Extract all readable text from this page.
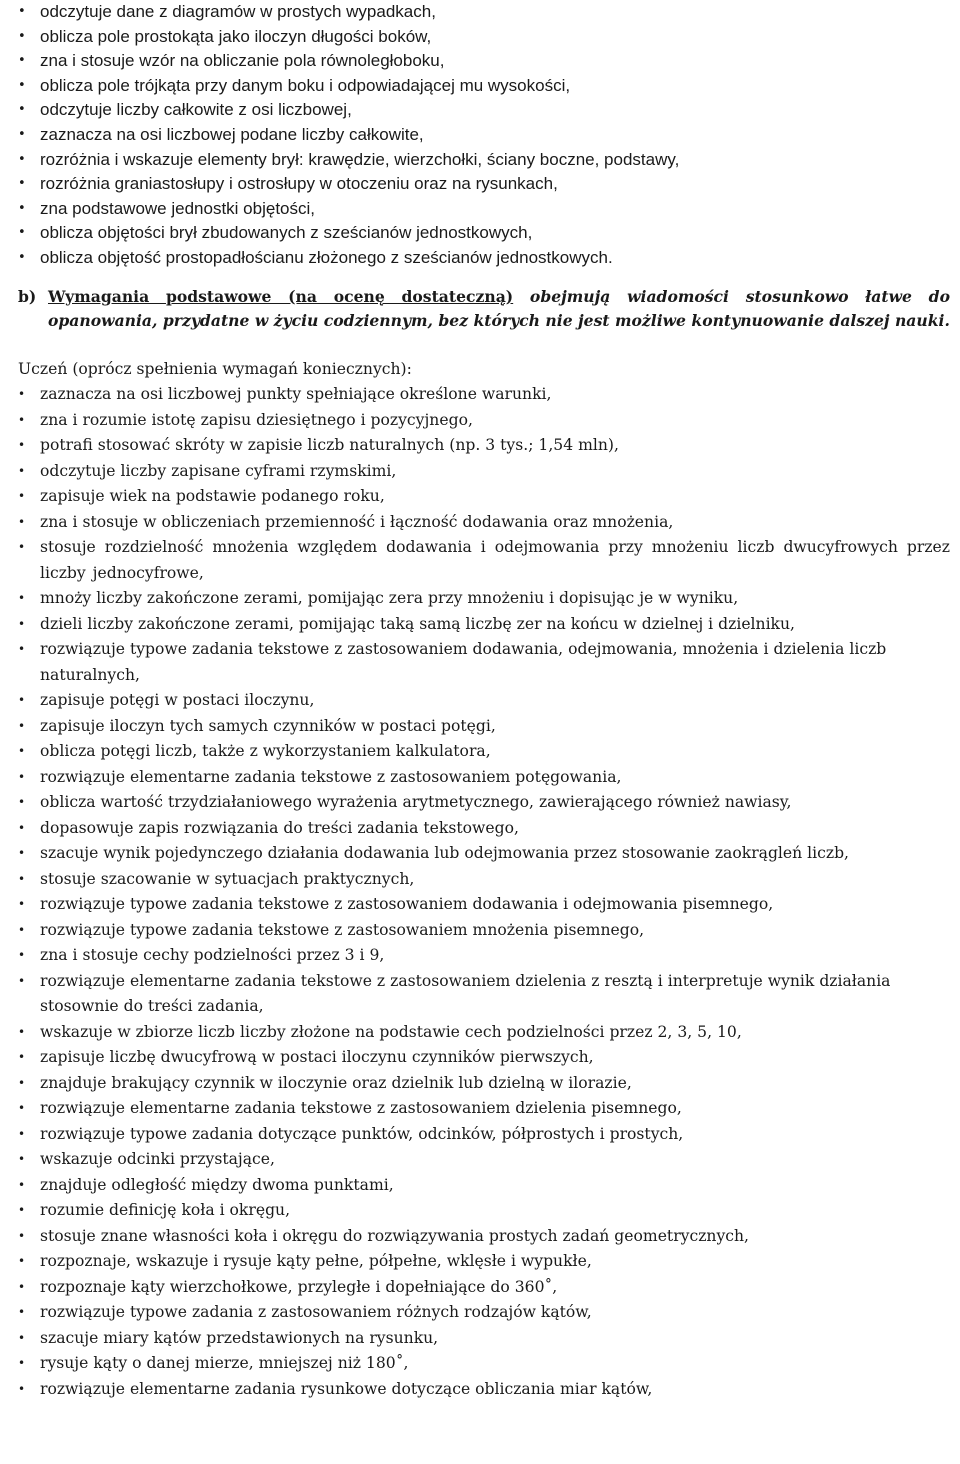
• odczytuje dane z diagramów w prostych wypadkach,
• oblicza pole prostokąta jako iloczyn długości boków,
• zna i stosuje wzór na obliczanie pola równoległoboku,
• oblicza pole trójkąta przy danym boku i odpowiadającej mu wysokości,
• odczytuje liczby całkowite z osi liczbowej,
• zaznacza na osi liczbowej podane liczby całkowite,
• rozróżnia i wskazuje elementy brył: krawędzie, wierzchołki, ściany boczne, podstawy,
• rozróżnia graniastosłupy i ostrosłupy w otoczeniu oraz na rysunkach,
• zna podstawowe jednostki objętości,
• oblicza objętości brył zbudowanych z sześcianów jednostkowych,
• oblicza objętość prostopadłościanu złożonego z sześcianów jednostkowych.
b) Wymagania podstawowe (na ocenę dostateczną) obejmują wiadomości stosunkowo łatwe do opanowania, przydatne w życiu codziennym, bez których nie jest możliwe kontynuowanie dalszej nauki.
Uczeń (oprócz spełnienia wymagań koniecznych):
• zaznacza na osi liczbowej punkty spełniające określone warunki,
• zna i rozumie istotę zapisu dziesiętnego i pozycyjnego,
• potrafi stosować skróty w zapisie liczb naturalnych (np. 3 tys.; 1,54 mln),
• odczytuje liczby zapisane cyframi rzymskimi,
• zapisuje wiek na podstawie podanego roku,
• zna i stosuje w obliczeniach przemienność i łączność dodawania oraz mnożenia,
• stosuje rozdzielność mnożenia względem dodawania i odejmowania przy mnożeniu liczb dwucyfrowych przez liczby jednocyfrowe,
• mnoży liczby zakończone zerami, pomijając zera przy mnożeniu i dopisując je w wyniku,
• dzieli liczby zakończone zerami, pomijając taką samą liczbę zer na końcu w dzielnej i dzielniku,
• rozwiązuje typowe zadania tekstowe z zastosowaniem dodawania, odejmowania, mnożenia i dzielenia liczb naturalnych,
• zapisuje potęgi w postaci iloczynu,
• zapisuje iloczyn tych samych czynników w postaci potęgi,
• oblicza potęgi liczb, także z wykorzystaniem kalkulatora,
• rozwiązuje elementarne zadania tekstowe z zastosowaniem potęgowania,
• oblicza wartość trzydziałaniowego wyrażenia arytmetycznego, zawierającego również nawiasy,
• dopasowuje zapis rozwiązania do treści zadania tekstowego,
• szacuje wynik pojedynczego działania dodawania lub odejmowania przez stosowanie zaokrągleń liczb,
• stosuje szacowanie w sytuacjach praktycznych,
• rozwiązuje typowe zadania tekstowe z zastosowaniem dodawania i odejmowania pisemnego,
• rozwiązuje typowe zadania tekstowe z zastosowaniem mnożenia pisemnego,
• zna i stosuje cechy podzielności przez 3 i 9,
• rozwiązuje elementarne zadania tekstowe z zastosowaniem dzielenia z resztą i interpretuje wynik działania stosownie do treści zadania,
• wskazuje w zbiorze liczb liczby złożone na podstawie cech podzielności przez 2, 3, 5, 10,
• zapisuje liczbę dwucyfrową w postaci iloczynu czynników pierwszych,
• znajduje brakujący czynnik w iloczynie oraz dzielnik lub dzielną w ilorazie,
• rozwiązuje elementarne zadania tekstowe z zastosowaniem dzielenia pisemnego,
• rozwiązuje typowe zadania dotyczące punktów, odcinków, półprostych i prostych,
• wskazuje odcinki przystające,
• znajduje odległość między dwoma punktami,
• rozumie definicję koła i okręgu,
• stosuje znane własności koła i okręgu do rozwiązywania prostych zadań geometrycznych,
• rozpoznaje, wskazuje i rysuje kąty pełne, półpełne, wklęsłe i wypukłe,
• rozpoznaje kąty wierzchołkowe, przyległe i dopełniające do 360˚,
• rozwiązuje typowe zadania z zastosowaniem różnych rodzajów kątów,
• szacuje miary kątów przedstawionych na rysunku,
• rysuje kąty o danej mierze, mniejszej niż 180˚,
• rozwiązuje elementarne zadania rysunkowe dotyczące obliczania miar kątów,
